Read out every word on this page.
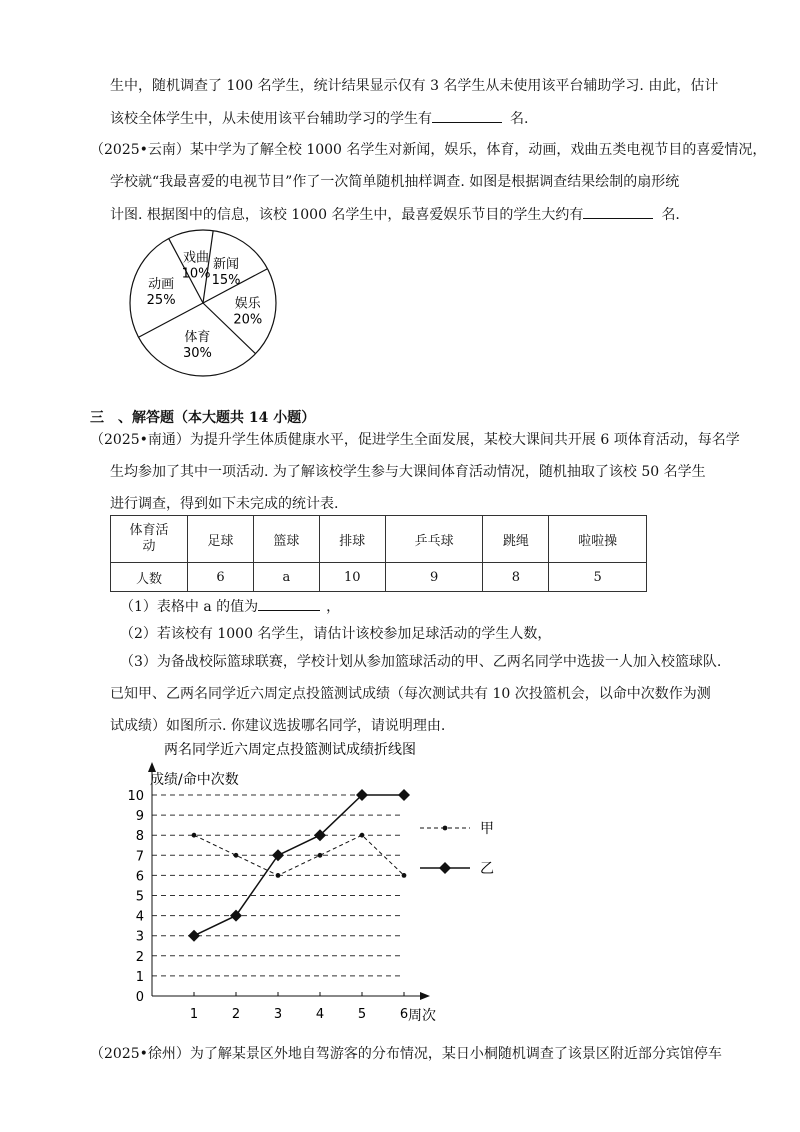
生中，随机调查了 100 名学生，统计结果显示仅有 3 名学生从未使用该平台辅助学习. 由此，估计
该校全体学生中，从未使用该平台辅助学习的学生有	名.
（2025•云南）某中学为了解全校 1000 名学生对新闻，娱乐，体育，动画，戏曲五类电视节目的喜爱情况，
学校就“我最喜爱的电视节目”作了一次简单随机抽样调查. 如图是根据调查结果绘制的扇形统
计图. 根据图中的信息，该校 1000 名学生中，最喜爱娱乐节目的学生大约有	名.
新闻
15%
娱乐
20%
体育
30%
动画
25%
戏曲
10%
三　、解答题（本大题共 14 小题）
（2025•南通）为提升学生体质健康水平，促进学生全面发展，某校大课间共开展 6 项体育活动，每名学
生均参加了其中一项活动. 为了解该校学生参与大课间体育活动情况，随机抽取了该校 50 名学生
进行调查，得到如下未完成的统计表.
体育活
动	足球	篮球	排球	乒乓球	跳绳	啦啦操
人数	6	a	10	9	8	5
（1）表格中 a 的值为	，
（2）若该校有 1000 名学生，请估计该校参加足球活动的学生人数，
（3）为备战校际篮球联赛，学校计划从参加篮球活动的甲、乙两名同学中选拔一人加入校篮球队.
已知甲、乙两名同学近六周定点投篮测试成绩（每次测试共有 10 次投篮机会，以命中次数作为测
试成绩）如图所示. 你建议选拔哪名同学，请说明理由.
两名同学近六周定点投篮测试成绩折线图
成绩/命中次数
周次
0
1
2
3
4
5
6
7
8
9
10
1	2	3	4	5	6
甲
乙
（2025•徐州）为了解某景区外地自驾游客的分布情况，某日小桐随机调查了该景区附近部分宾馆停车
